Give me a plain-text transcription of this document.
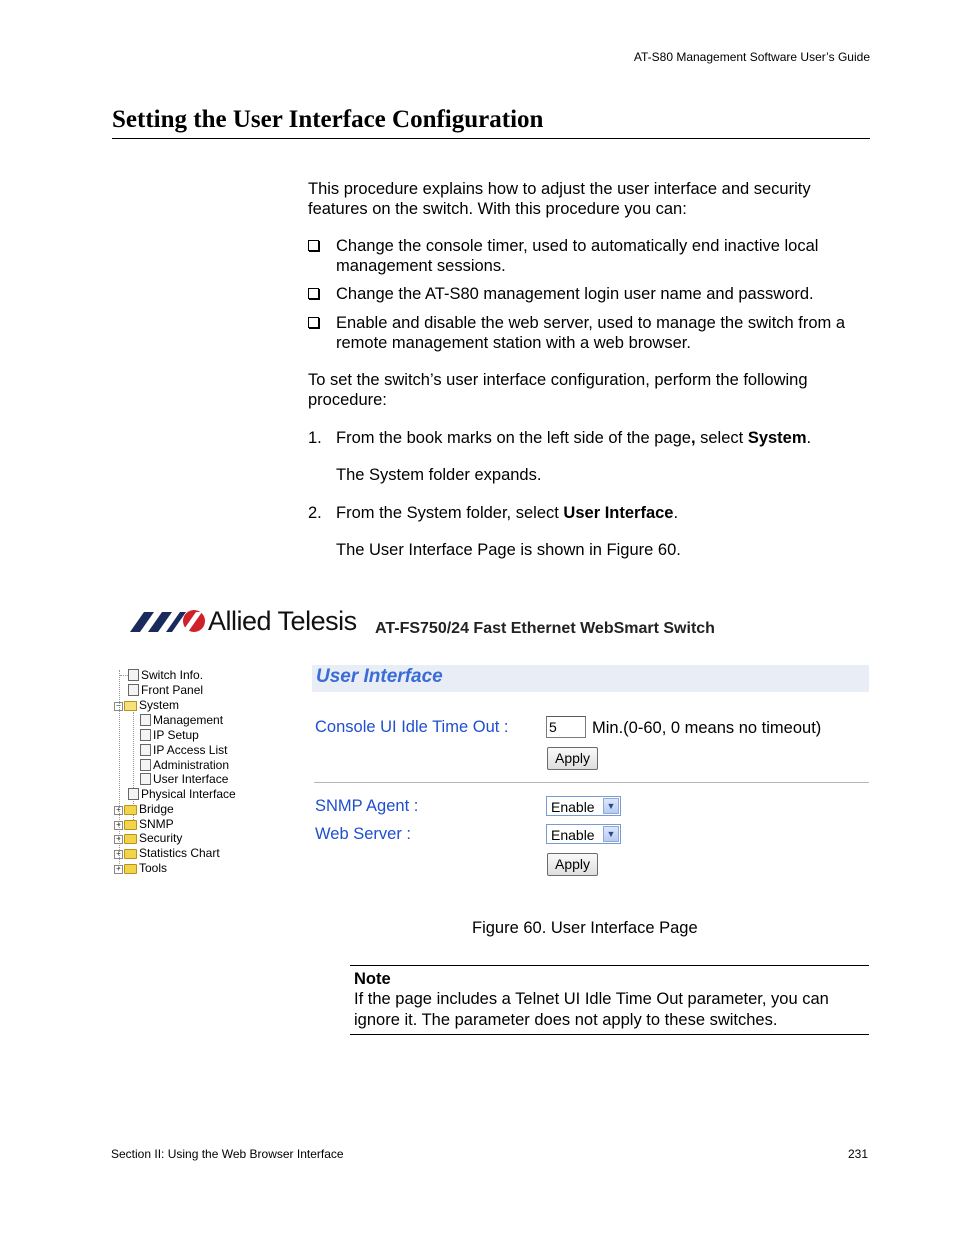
AT-S80 Management Software User’s Guide
Setting the User Interface Configuration
This procedure explains how to adjust the user interface and security features on the switch. With this procedure you can:
Change the console timer, used to automatically end inactive local management sessions.
Change the AT-S80 management login user name and password.
Enable and disable the web server, used to manage the switch from a remote management station with a web browser.
To set the switch’s user interface configuration, perform the following procedure:
1. From the book marks on the left side of the page, select System.
The System folder expands.
2. From the System folder, select User Interface.
The User Interface Page is shown in Figure 60.
Allied Telesis AT-FS750/24 Fast Ethernet WebSmart Switch
Switch Info.
Front Panel
− System
Management
IP Setup
IP Access List
Administration
User Interface
Physical Interface
+ Bridge
+ SNMP
+ Security
+ Statistics Chart
+ Tools
User Interface
Console UI Idle Time Out :	5	Min.(0-60, 0 means no timeout)
Apply
SNMP Agent :	Enable	▼
Web Server :	Enable	▼
Apply
Figure 60. User Interface Page
Note
If the page includes a Telnet UI Idle Time Out parameter, you can ignore it. The parameter does not apply to these switches.
Section II: Using the Web Browser Interface	231
